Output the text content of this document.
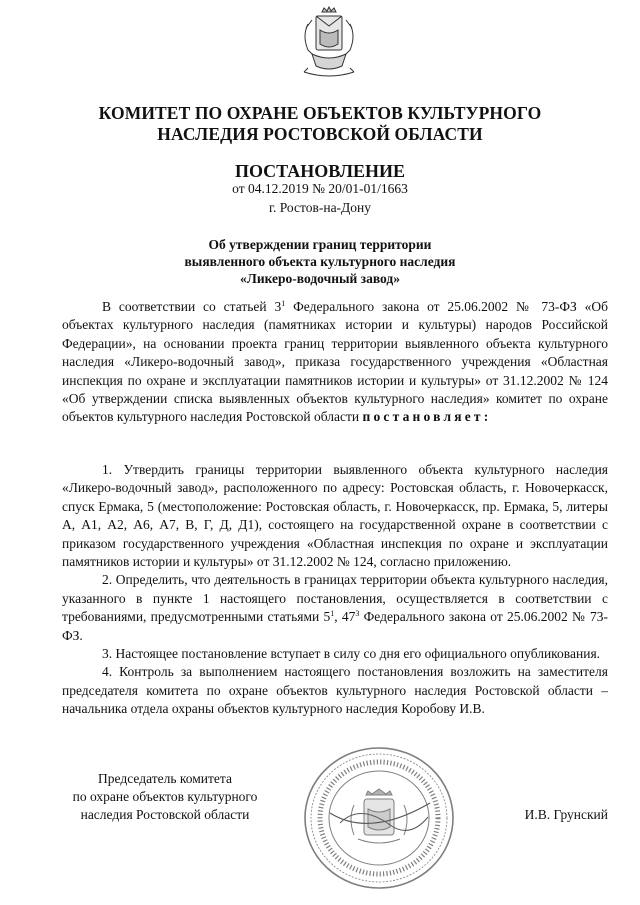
КОМИТЕТ ПО ОХРАНЕ ОБЪЕКТОВ КУЛЬТУРНОГО
НАСЛЕДИЯ РОСТОВСКОЙ ОБЛАСТИ
ПОСТАНОВЛЕНИЕ
от 04.12.2019 № 20/01-01/1663
г. Ростов-на-Дону
Об утверждении границ территории
выявленного объекта культурного наследия
«Ликеро-водочный завод»

В соответствии со статьей $3^1$ Федерального закона от 25.06.2002 № 73-ФЗ «Об объектах культурного наследия (памятниках истории и культуры) народов Российской Федерации», на основании проекта границ территории выявленного объекта культурного наследия «Ликеро-водочный завод», приказа государственного учреждения «Областная инспекция по охране и эксплуатации памятников истории и культуры» от 31.12.2002 № 124 «Об утверждении списка выявленных объектов культурного наследия» комитет по охране объектов культурного наследия Ростовской области постановляет:

1. Утвердить границы территории выявленного объекта культурного наследия «Ликеро-водочный завод», расположенного по адресу: Ростовская область, г. Новочеркасск, спуск Ермака, 5 (местоположение: Ростовская область, г. Новочеркасск, пр. Ермака, 5, литеры А, А1, А2, А6, А7, В, Г, Д, Д1), состоящего на государственной охране в соответствии с приказом государственного учреждения «Областная инспекция по охране и эксплуатации памятников истории и культуры» от 31.12.2002 № 124, согласно приложению.

2. Определить, что деятельность в границах территории объекта культурного наследия, указанного в пункте 1 настоящего постановления, осуществляется в соответствии с требованиями, предусмотренными статьями $5^1$, $47^3$ Федерального закона от 25.06.2002 № 73-ФЗ.

3. Настоящее постановление вступает в силу со дня его официального опубликования.

4. Контроль за выполнением настоящего постановления возложить на заместителя председателя комитета по охране объектов культурного наследия Ростовской области – начальника отдела охраны объектов культурного наследия Коробову И.В.

Председатель комитета
по охране объектов культурного
наследия Ростовской области	И.В. Грунский
